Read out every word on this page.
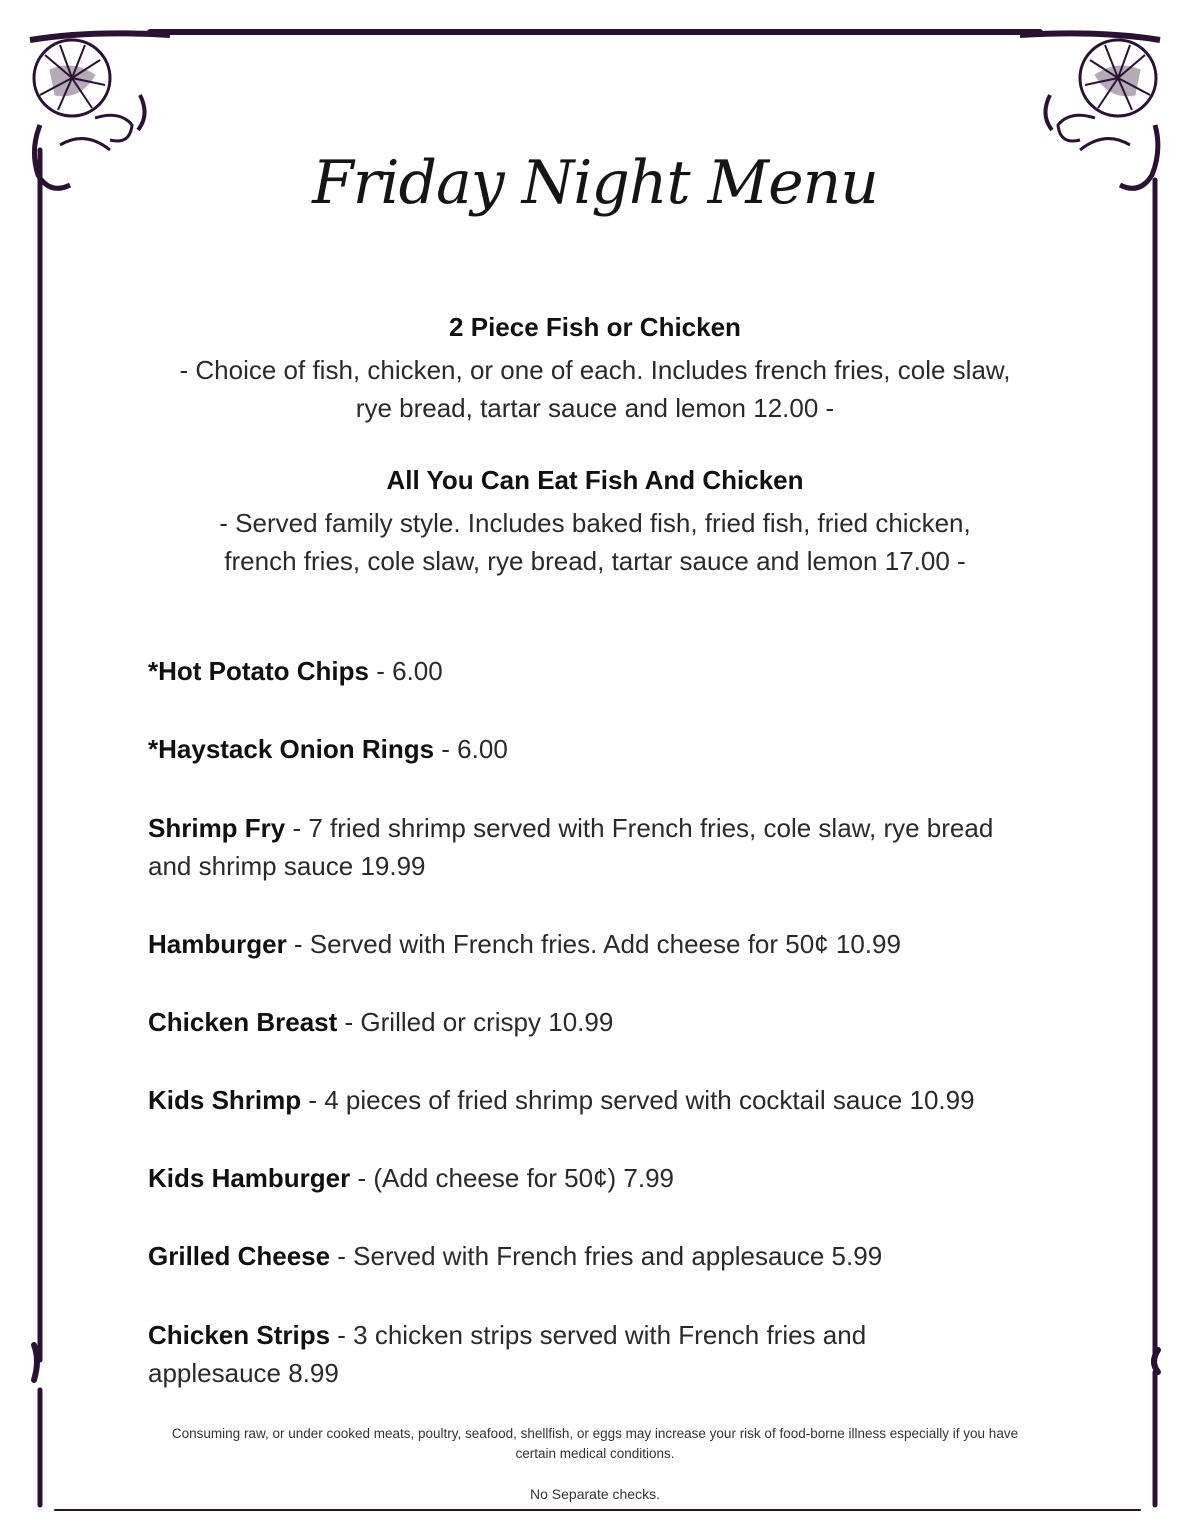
Friday Night Menu
2 Piece Fish or Chicken
- Choice of fish, chicken, or one of each. Includes french fries, cole slaw,
rye bread, tartar sauce and lemon 12.00 -
All You Can Eat Fish And Chicken
- Served family style. Includes baked fish, fried fish, fried chicken,
french fries, cole slaw, rye bread, tartar sauce and lemon 17.00 -
*Hot Potato Chips - 6.00
*Haystack Onion Rings - 6.00
Shrimp Fry - 7 fried shrimp served with French fries, cole slaw, rye bread and shrimp sauce 19.99
Hamburger - Served with French fries. Add cheese for 50¢ 10.99
Chicken Breast - Grilled or crispy 10.99
Kids Shrimp - 4 pieces of fried shrimp served with cocktail sauce 10.99
Kids Hamburger - (Add cheese for 50¢) 7.99
Grilled Cheese - Served with French fries and applesauce 5.99
Chicken Strips - 3 chicken strips served with French fries and applesauce 8.99
Consuming raw, or under cooked meats, poultry, seafood, shellfish, or eggs may increase your risk of food-borne illness especially if you have certain medical conditions.
No Separate checks.
